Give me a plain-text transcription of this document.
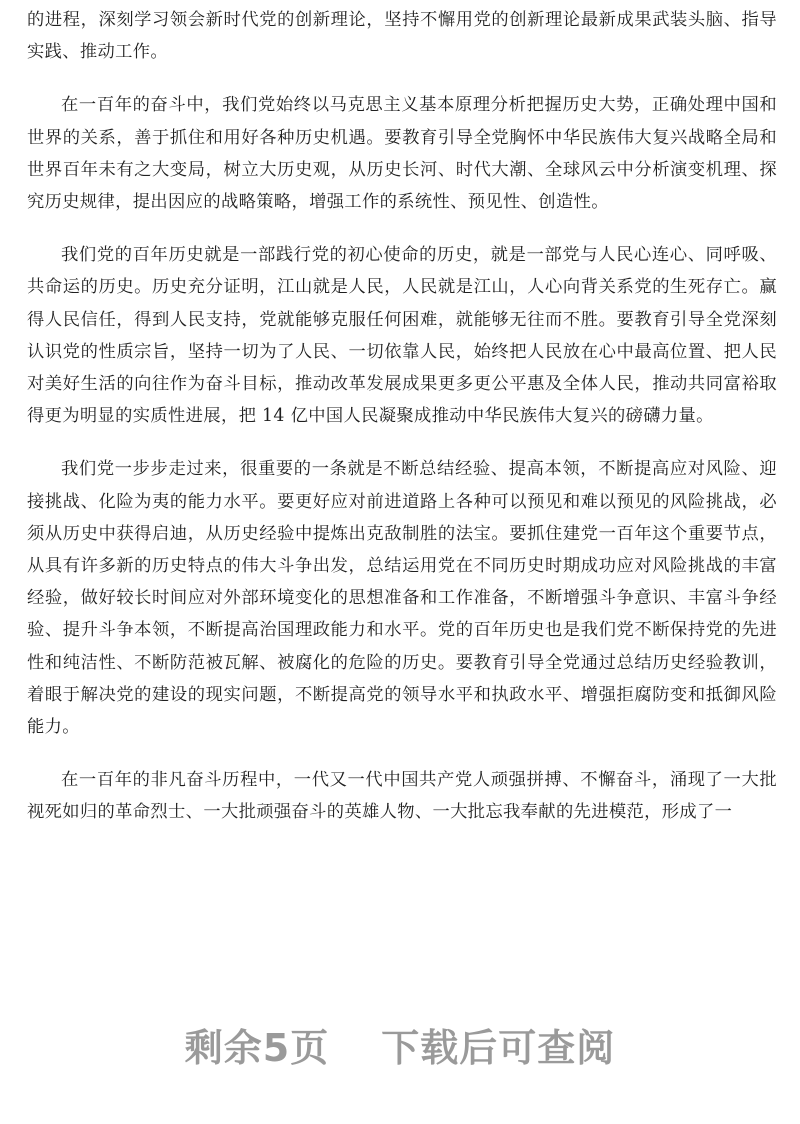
的进程，深刻学习领会新时代党的创新理论，坚持不懈用党的创新理论最新成果武装头脑、指导实践、推动工作。

在一百年的奋斗中，我们党始终以马克思主义基本原理分析把握历史大势，正确处理中国和世界的关系，善于抓住和用好各种历史机遇。要教育引导全党胸怀中华民族伟大复兴战略全局和世界百年未有之大变局，树立大历史观，从历史长河、时代大潮、全球风云中分析演变机理、探究历史规律，提出因应的战略策略，增强工作的系统性、预见性、创造性。

我们党的百年历史就是一部践行党的初心使命的历史，就是一部党与人民心连心、同呼吸、共命运的历史。历史充分证明，江山就是人民，人民就是江山，人心向背关系党的生死存亡。赢得人民信任，得到人民支持，党就能够克服任何困难，就能够无往而不胜。要教育引导全党深刻认识党的性质宗旨，坚持一切为了人民、一切依靠人民，始终把人民放在心中最高位置、把人民对美好生活的向往作为奋斗目标，推动改革发展成果更多更公平惠及全体人民，推动共同富裕取得更为明显的实质性进展，把 14 亿中国人民凝聚成推动中华民族伟大复兴的磅礴力量。

我们党一步步走过来，很重要的一条就是不断总结经验、提高本领，不断提高应对风险、迎接挑战、化险为夷的能力水平。要更好应对前进道路上各种可以预见和难以预见的风险挑战，必须从历史中获得启迪，从历史经验中提炼出克敌制胜的法宝。要抓住建党一百年这个重要节点，从具有许多新的历史特点的伟大斗争出发，总结运用党在不同历史时期成功应对风险挑战的丰富经验，做好较长时间应对外部环境变化的思想准备和工作准备，不断增强斗争意识、丰富斗争经验、提升斗争本领，不断提高治国理政能力和水平。党的百年历史也是我们党不断保持党的先进性和纯洁性、不断防范被瓦解、被腐化的危险的历史。要教育引导全党通过总结历史经验教训，着眼于解决党的建设的现实问题，不断提高党的领导水平和执政水平、增强拒腐防变和抵御风险能力。

在一百年的非凡奋斗历程中，一代又一代中国共产党人顽强拼搏、不懈奋斗，涌现了一大批视死如归的革命烈士、一大批顽强奋斗的英雄人物、一大批忘我奉献的先进模范，形成了一

剩余5页 下载后可查阅
